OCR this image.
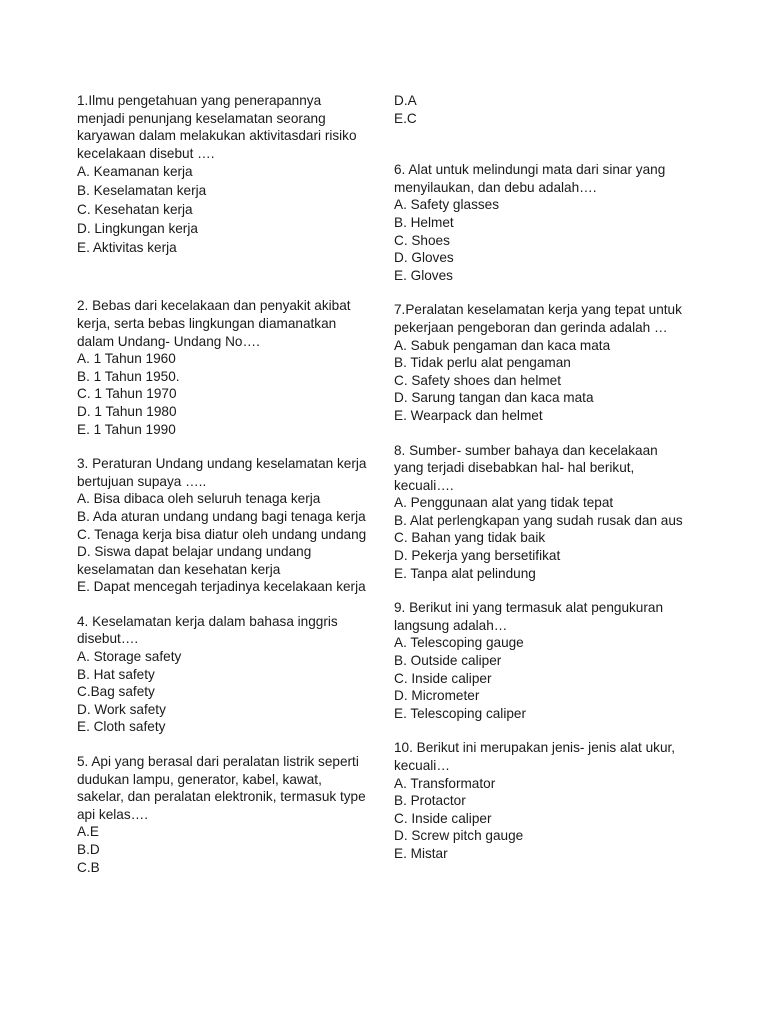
1.Ilmu pengetahuan yang penerapannya menjadi penunjang keselamatan seorang karyawan dalam melakukan aktivitasdari risiko kecelakaan disebut ….
A. Keamanan kerja
B. Keselamatan kerja
C. Kesehatan kerja
D. Lingkungan kerja
E. Aktivitas kerja
2. Bebas dari kecelakaan dan penyakit akibat kerja, serta bebas lingkungan diamanatkan dalam Undang- Undang No….
A. 1 Tahun 1960
B. 1 Tahun 1950.
C. 1 Tahun 1970
D. 1 Tahun 1980
E. 1 Tahun 1990
3. Peraturan Undang undang keselamatan kerja bertujuan supaya …..
A. Bisa dibaca oleh seluruh tenaga kerja
B. Ada aturan undang undang bagi tenaga kerja
C. Tenaga kerja bisa diatur oleh undang undang
D. Siswa dapat belajar undang undang keselamatan dan kesehatan kerja
E. Dapat mencegah terjadinya kecelakaan kerja
4. Keselamatan kerja dalam bahasa inggris disebut….
A. Storage safety
B. Hat safety
C.Bag safety
D. Work safety
E. Cloth safety
5. Api yang berasal dari peralatan listrik seperti dudukan lampu, generator, kabel, kawat, sakelar, dan peralatan elektronik, termasuk type api kelas….
A.E
B.D
C.B
D.A
E.C
6. Alat untuk melindungi mata dari sinar yang menyilaukan, dan debu adalah….
A. Safety glasses
B. Helmet
C. Shoes
D. Gloves
E. Gloves
7.Peralatan keselamatan kerja yang tepat untuk pekerjaan pengeboran dan gerinda adalah …
A. Sabuk pengaman dan kaca mata
B. Tidak perlu alat pengaman
C. Safety shoes dan helmet
D. Sarung tangan dan kaca mata
E. Wearpack dan helmet
8. Sumber- sumber bahaya dan kecelakaan yang terjadi disebabkan hal- hal berikut, kecuali….
A. Penggunaan alat yang tidak tepat
B. Alat perlengkapan yang sudah rusak dan aus
C. Bahan yang tidak baik
D. Pekerja yang bersetifikat
E. Tanpa alat pelindung
9. Berikut ini yang termasuk alat pengukuran langsung adalah…
A. Telescoping gauge
B. Outside caliper
C. Inside caliper
D. Micrometer
E. Telescoping caliper
10. Berikut ini merupakan jenis- jenis alat ukur, kecuali…
A. Transformator
B. Protactor
C. Inside caliper
D. Screw pitch gauge
E. Mistar
